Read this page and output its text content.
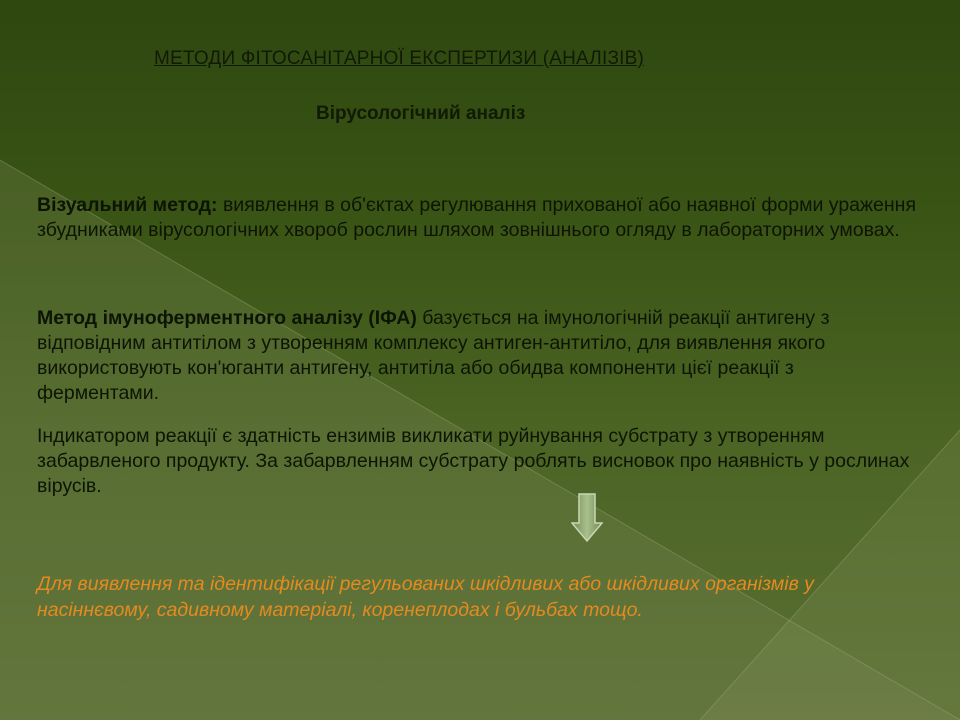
МЕТОДИ ФІТОСАНІТАРНОЇ ЕКСПЕРТИЗИ (АНАЛІЗІВ)
Вірусологічний аналіз
Візуальний метод: виявлення в об'єктах регулювання прихованої або наявної форми ураження збудниками вірусологічних хвороб рослин шляхом зовнішнього огляду в лабораторних умовах.
Метод імуноферментного аналізу (ІФА) базується на імунологічній реакції антигену з відповідним антитілом з утворенням комплексу антиген-антитіло, для виявлення якого використовують кон'юганти антигену, антитіла або обидва компоненти цієї реакції з ферментами.
Індикатором реакції є здатність ензимів викликати руйнування субстрату з утворенням забарвленого продукту. За забарвленням субстрату роблять висновок про наявність у рослинах вірусів.
Для виявлення та ідентифікації регульованих шкідливих або шкідливих організмів у насіннєвому, садивному матеріалі, коренеплодах і бульбах тощо.
